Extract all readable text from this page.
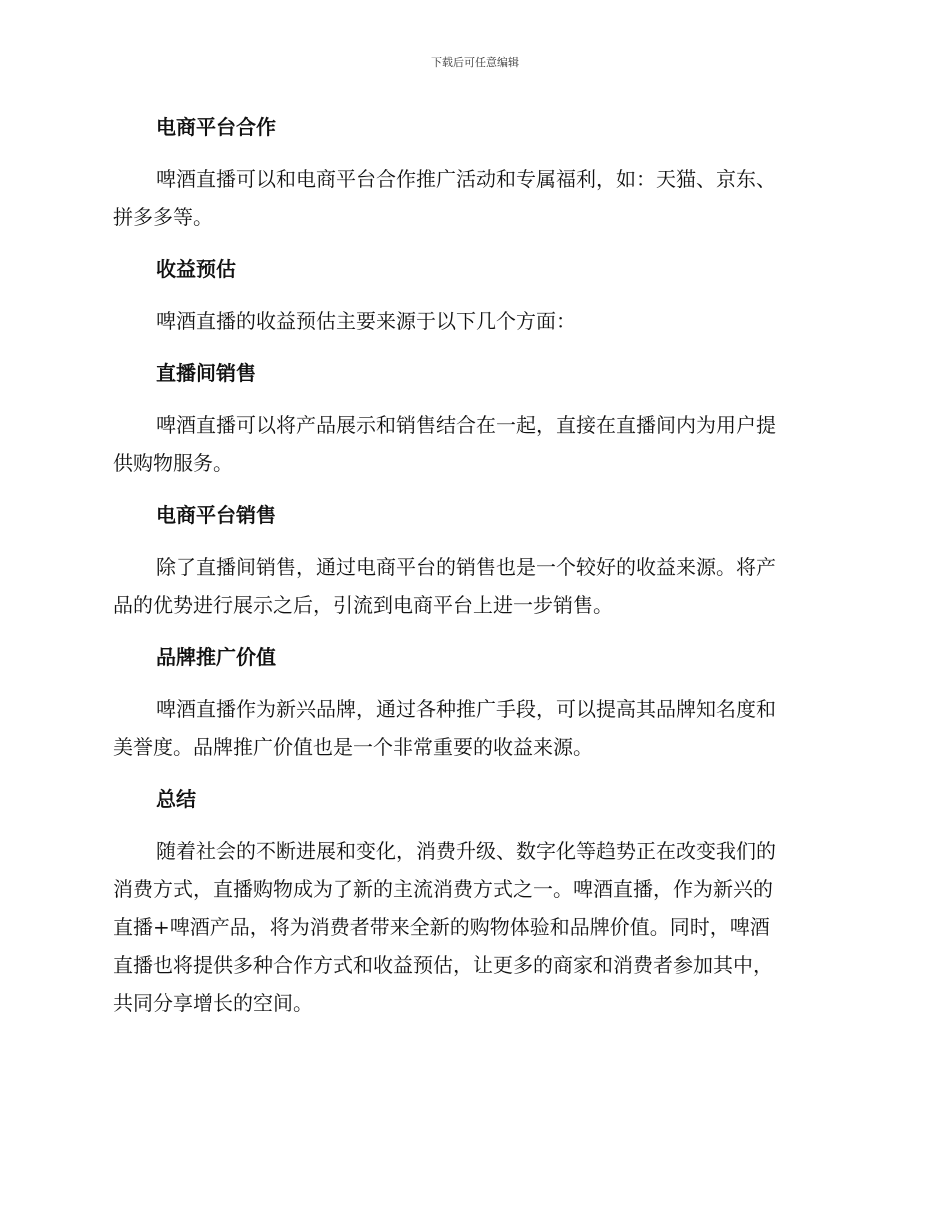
下载后可任意编辑
电商平台合作

啤酒直播可以和电商平台合作推广活动和专属福利，如：天猫、京东、
拼多多等。

收益预估

啤酒直播的收益预估主要来源于以下几个方面：

直播间销售

啤酒直播可以将产品展示和销售结合在一起，直接在直播间内为用户提
供购物服务。

电商平台销售

除了直播间销售，通过电商平台的销售也是一个较好的收益来源。将产
品的优势进行展示之后，引流到电商平台上进一步销售。

品牌推广价值

啤酒直播作为新兴品牌，通过各种推广手段，可以提高其品牌知名度和
美誉度。品牌推广价值也是一个非常重要的收益来源。

总结

随着社会的不断进展和变化，消费升级、数字化等趋势正在改变我们的
消费方式，直播购物成为了新的主流消费方式之一。啤酒直播，作为新兴的
直播+啤酒产品，将为消费者带来全新的购物体验和品牌价值。同时，啤酒
直播也将提供多种合作方式和收益预估，让更多的商家和消费者参加其中，
共同分享增长的空间。
